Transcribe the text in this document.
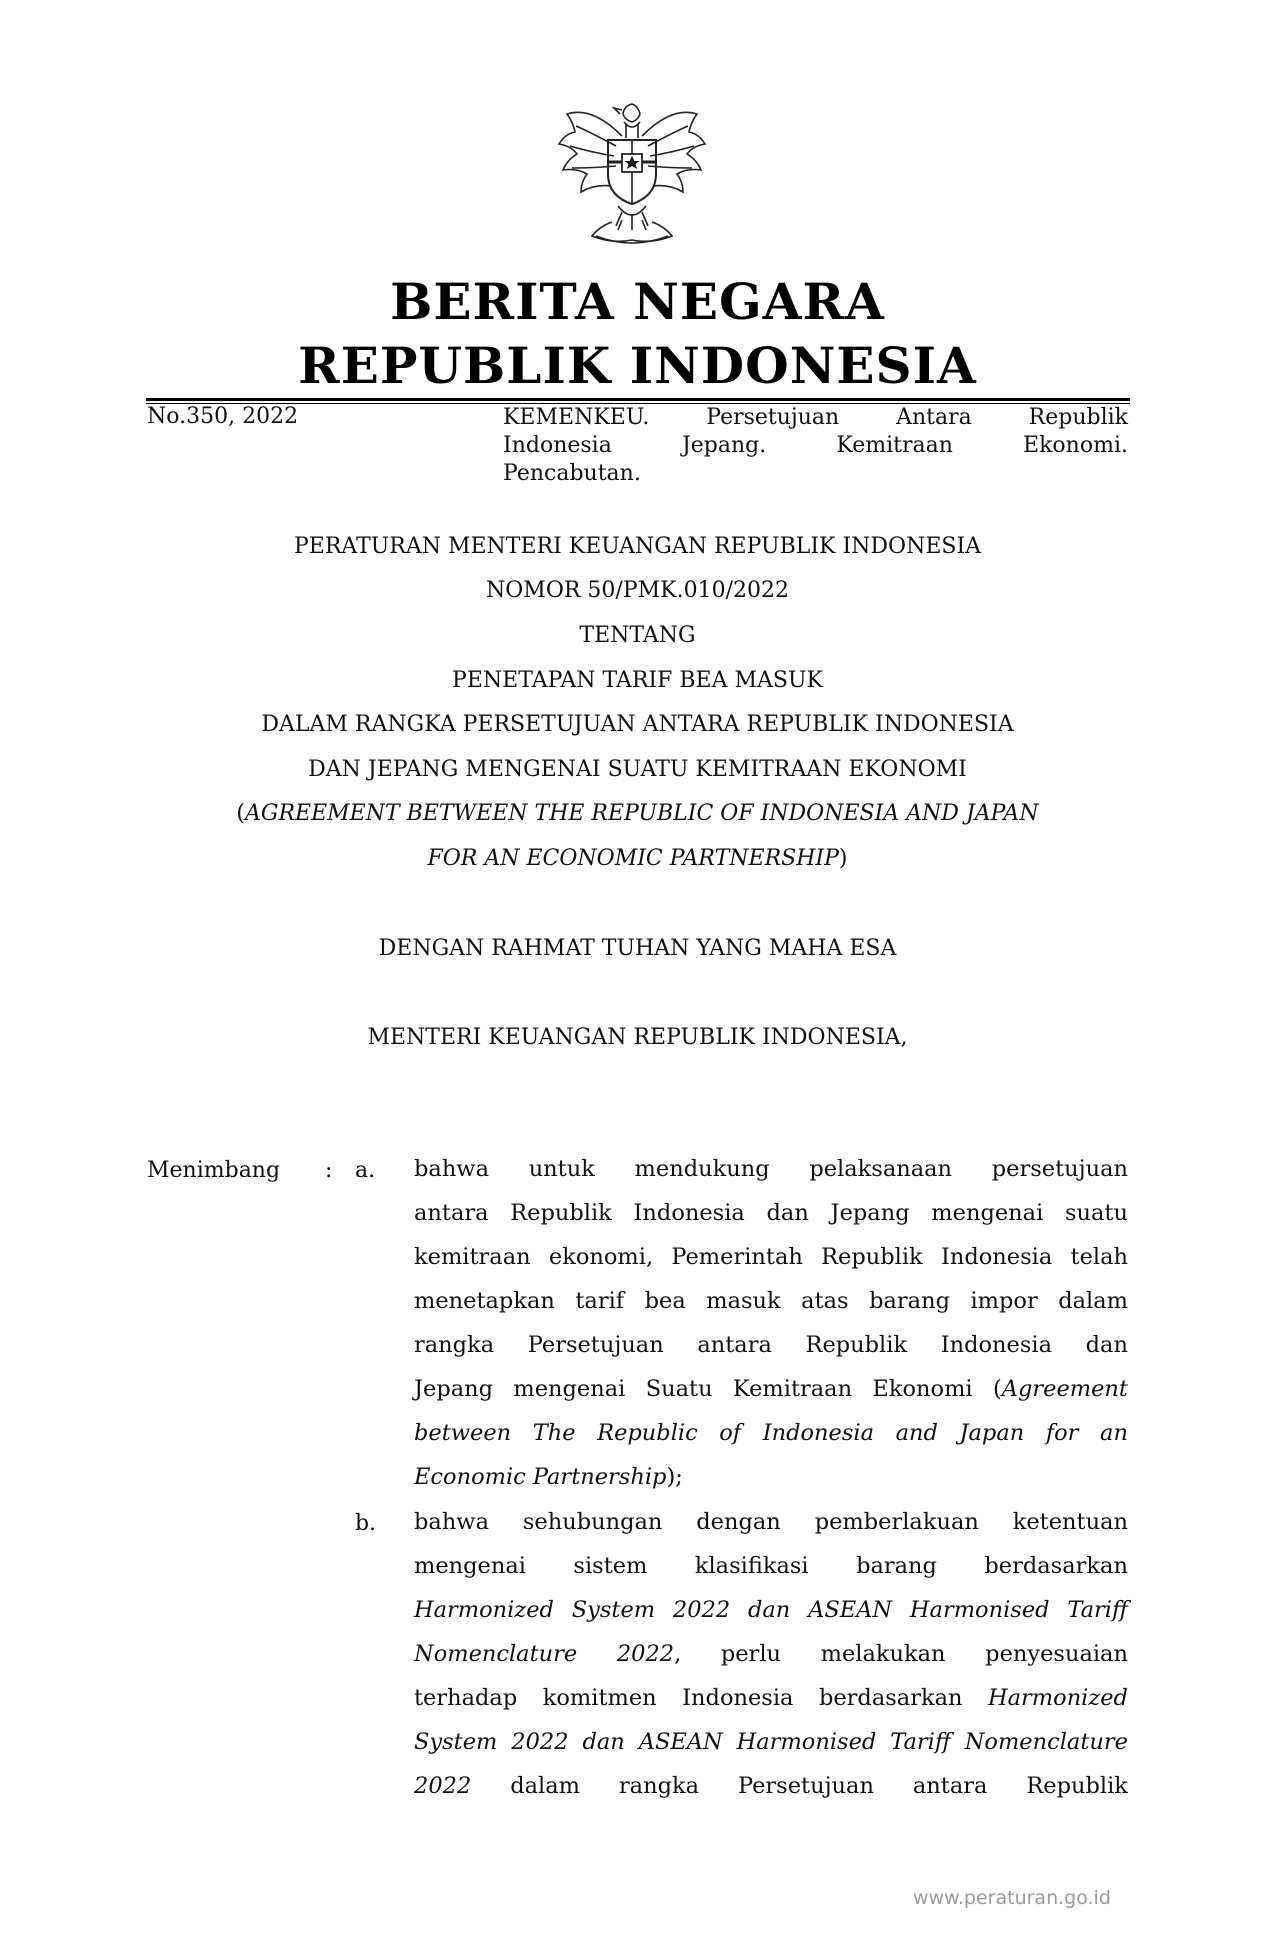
BERITA NEGARA
REPUBLIK INDONESIA
No.350, 2022	KEMENKEU.	Persetujuan	Antara	Republik
Indonesia	Jepang.	Kemitraan	Ekonomi.
Pencabutan.
PERATURAN MENTERI KEUANGAN REPUBLIK INDONESIA
NOMOR 50/PMK.010/2022
TENTANG
PENETAPAN TARIF BEA MASUK
DALAM RANGKA PERSETUJUAN ANTARA REPUBLIK INDONESIA
DAN JEPANG MENGENAI SUATU KEMITRAAN EKONOMI
(AGREEMENT BETWEEN THE REPUBLIC OF INDONESIA AND JAPAN
FOR AN ECONOMIC PARTNERSHIP)
DENGAN RAHMAT TUHAN YANG MAHA ESA
MENTERI KEUANGAN REPUBLIK INDONESIA,
Menimbang : a. bahwa untuk mendukung pelaksanaan persetujuan
antara Republik Indonesia dan Jepang mengenai suatu
kemitraan ekonomi, Pemerintah Republik Indonesia telah
menetapkan tarif bea masuk atas barang impor dalam
rangka Persetujuan antara Republik Indonesia dan
Jepang mengenai Suatu Kemitraan Ekonomi (Agreement
between The Republic of Indonesia and Japan for an
Economic Partnership);
b. bahwa sehubungan dengan pemberlakuan ketentuan
mengenai sistem klasifikasi barang berdasarkan
Harmonized System 2022 dan ASEAN Harmonised Tariff
Nomenclature 2022, perlu melakukan penyesuaian
terhadap komitmen Indonesia berdasarkan Harmonized
System 2022 dan ASEAN Harmonised Tariff Nomenclature
2022 dalam rangka Persetujuan antara Republik
www.peraturan.go.id
